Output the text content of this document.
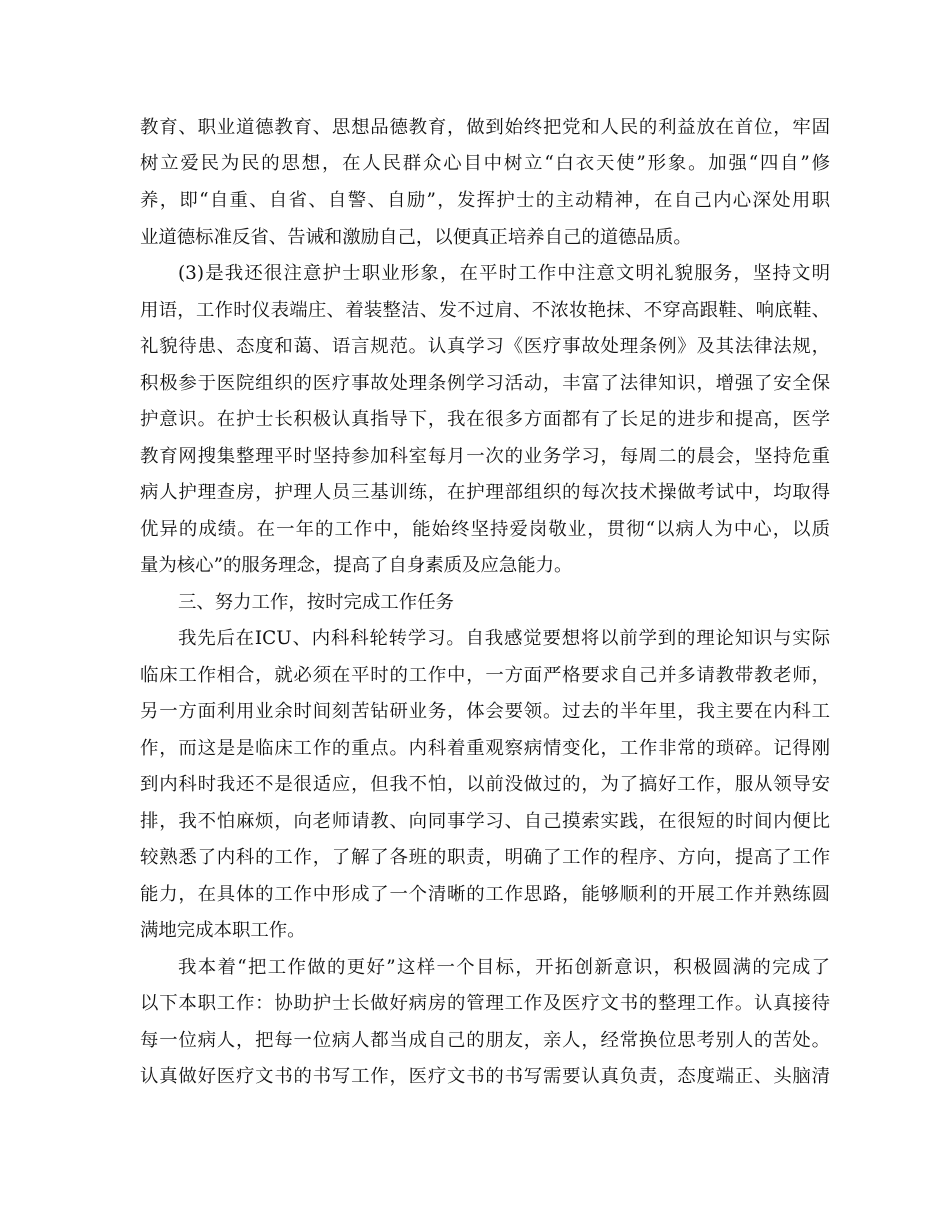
教育、职业道德教育、思想品德教育，做到始终把党和人民的利益放在首位，牢固
树立爱民为民的思想，在人民群众心目中树立“白衣天使”形象。加强“四自”修
养，即“自重、自省、自警、自励”，发挥护士的主动精神，在自己内心深处用职
业道德标准反省、告诫和激励自己，以便真正培养自己的道德品质。
(3)是我还很注意护士职业形象，在平时工作中注意文明礼貌服务，坚持文明
用语，工作时仪表端庄、着装整洁、发不过肩、不浓妆艳抹、不穿高跟鞋、响底鞋、
礼貌待患、态度和蔼、语言规范。认真学习《医疗事故处理条例》及其法律法规，
积极参于医院组织的医疗事故处理条例学习活动，丰富了法律知识，增强了安全保
护意识。在护士长积极认真指导下，我在很多方面都有了长足的进步和提高，医学
教育网搜集整理平时坚持参加科室每月一次的业务学习，每周二的晨会，坚持危重
病人护理查房，护理人员三基训练，在护理部组织的每次技术操做考试中，均取得
优异的成绩。在一年的工作中，能始终坚持爱岗敬业，贯彻“以病人为中心，以质
量为核心”的服务理念，提高了自身素质及应急能力。
三、努力工作，按时完成工作任务
我先后在ICU、内科科轮转学习。自我感觉要想将以前学到的理论知识与实际
临床工作相合，就必须在平时的工作中，一方面严格要求自己并多请教带教老师，
另一方面利用业余时间刻苦钻研业务，体会要领。过去的半年里，我主要在内科工
作，而这是是临床工作的重点。内科着重观察病情变化，工作非常的琐碎。记得刚
到内科时我还不是很适应，但我不怕，以前没做过的，为了搞好工作，服从领导安
排，我不怕麻烦，向老师请教、向同事学习、自己摸索实践，在很短的时间内便比
较熟悉了内科的工作，了解了各班的职责，明确了工作的程序、方向，提高了工作
能力，在具体的工作中形成了一个清晰的工作思路，能够顺利的开展工作并熟练圆
满地完成本职工作。
我本着“把工作做的更好”这样一个目标，开拓创新意识，积极圆满的完成了
以下本职工作：协助护士长做好病房的管理工作及医疗文书的整理工作。认真接待
每一位病人，把每一位病人都当成自己的朋友，亲人，经常换位思考别人的苦处。
认真做好医疗文书的书写工作，医疗文书的书写需要认真负责，态度端正、头脑清
